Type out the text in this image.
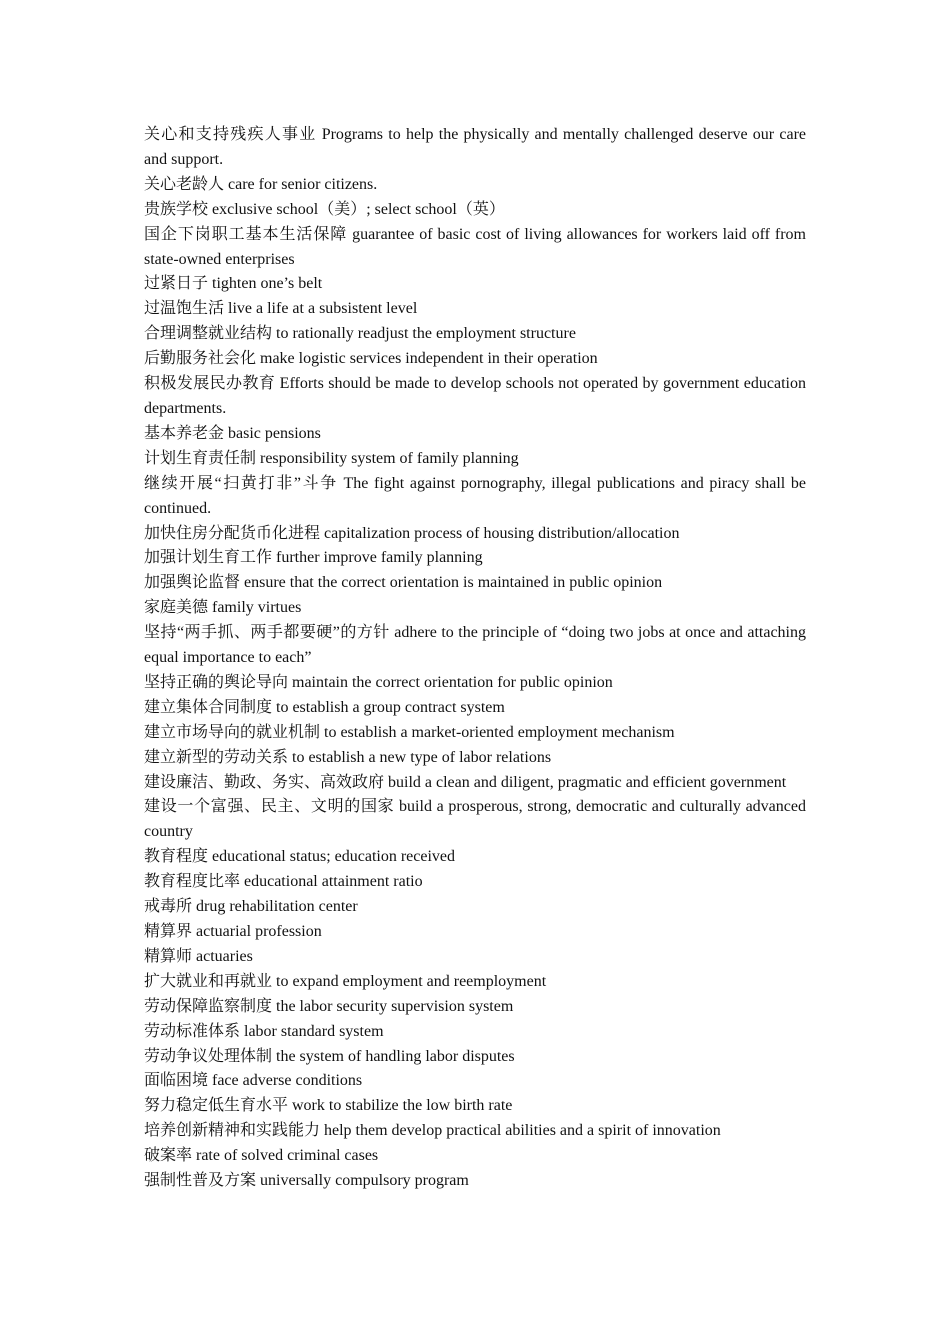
关心和支持残疾人事业 Programs to help the physically and mentally challenged deserve our care and support.

关心老龄人 care for senior citizens.

贵族学校 exclusive school（美）; select school（英）

国企下岗职工基本生活保障 guarantee of basic cost of living allowances for workers laid off from state-owned enterprises

过紧日子 tighten one’s belt

过温饱生活 live a life at a subsistent level

合理调整就业结构 to rationally readjust the employment structure

后勤服务社会化 make logistic services independent in their operation

积极发展民办教育 Efforts should be made to develop schools not operated by government education departments.

基本养老金 basic pensions

计划生育责任制 responsibility system of family planning

继续开展“扫黄打非”斗争 The fight against pornography, illegal publications and piracy shall be continued.

加快住房分配货币化进程 capitalization process of housing distribution/allocation

加强计划生育工作 further improve family planning

加强舆论监督 ensure that the correct orientation is maintained in public opinion

家庭美德 family virtues

坚持“两手抓、两手都要硬”的方针 adhere to the principle of “doing two jobs at once and attaching equal importance to each”

坚持正确的舆论导向 maintain the correct orientation for public opinion

建立集体合同制度 to establish a group contract system

建立市场导向的就业机制 to establish a market-oriented employment mechanism

建立新型的劳动关系 to establish a new type of labor relations

建设廉洁、勤政、务实、高效政府 build a clean and diligent, pragmatic and efficient government

建设一个富强、民主、文明的国家 build a prosperous, strong, democratic and culturally advanced country

教育程度 educational status; education received

教育程度比率 educational attainment ratio

戒毒所 drug rehabilitation center

精算界 actuarial profession

精算师 actuaries

扩大就业和再就业 to expand employment and reemployment

劳动保障监察制度 the labor security supervision system

劳动标准体系 labor standard system

劳动争议处理体制 the system of handling labor disputes

面临困境 face adverse conditions

努力稳定低生育水平 work to stabilize the low birth rate

培养创新精神和实践能力 help them develop practical abilities and a spirit of innovation

破案率 rate of solved criminal cases

强制性普及方案 universally compulsory program
